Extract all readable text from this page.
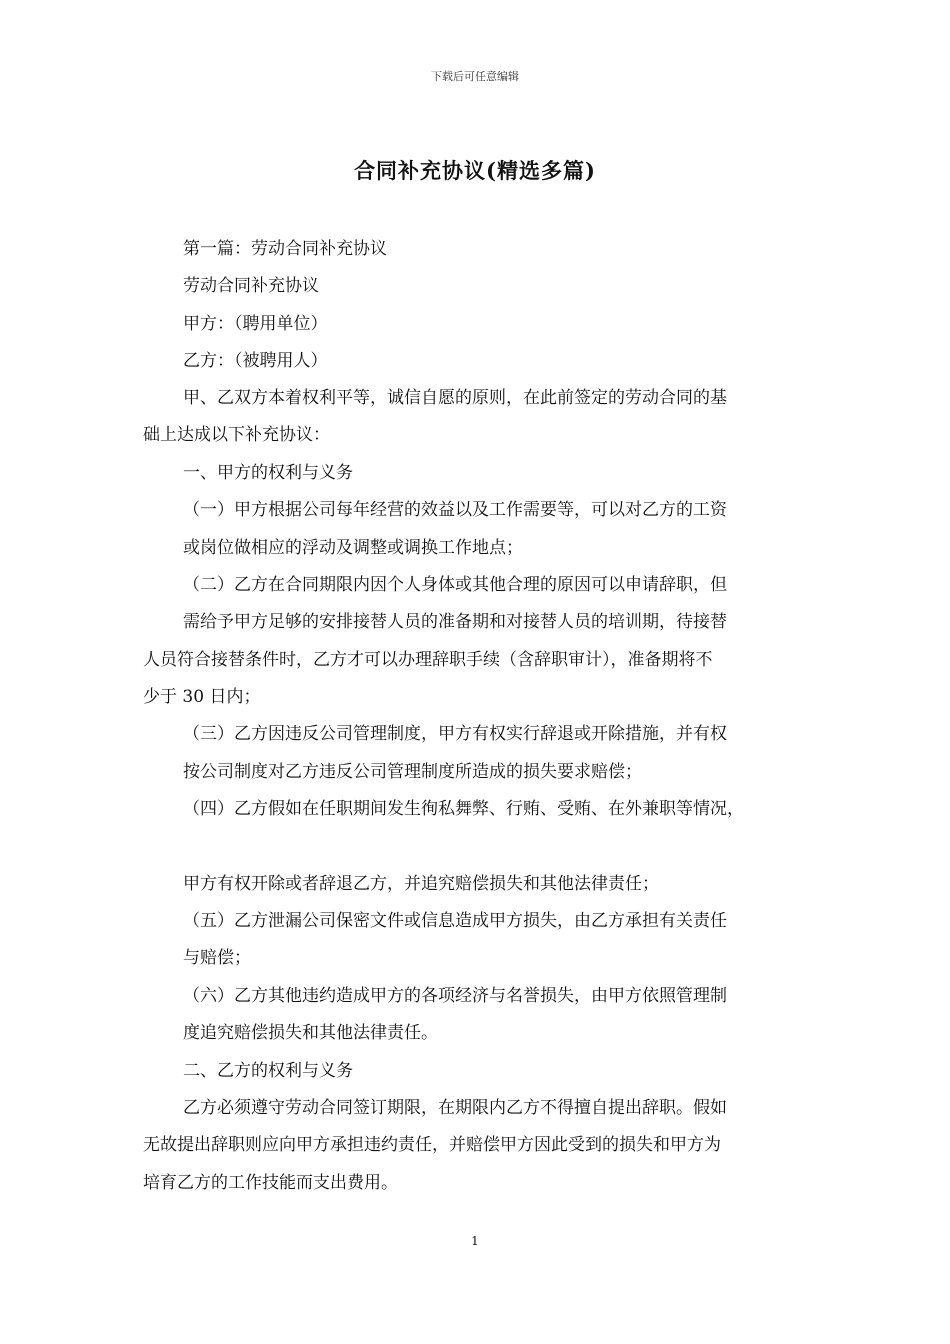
下载后可任意编辑
合同补充协议(精选多篇)
第一篇：劳动合同补充协议
劳动合同补充协议
甲方：（聘用单位）
乙方：（被聘用人）
甲、乙双方本着权利平等，诚信自愿的原则，在此前签定的劳动合同的基
础上达成以下补充协议：
一、甲方的权利与义务
（一）甲方根据公司每年经营的效益以及工作需要等，可以对乙方的工资
或岗位做相应的浮动及调整或调换工作地点；
（二）乙方在合同期限内因个人身体或其他合理的原因可以申请辞职，但
需给予甲方足够的安排接替人员的准备期和对接替人员的培训期，待接替
人员符合接替条件时，乙方才可以办理辞职手续（含辞职审计），准备期将不
少于 30 日内；
（三）乙方因违反公司管理制度，甲方有权实行辞退或开除措施，并有权
按公司制度对乙方违反公司管理制度所造成的损失要求赔偿；
（四）乙方假如在任职期间发生徇私舞弊、行贿、受贿、在外兼职等情况，
甲方有权开除或者辞退乙方，并追究赔偿损失和其他法律责任；
（五）乙方泄漏公司保密文件或信息造成甲方损失，由乙方承担有关责任
与赔偿；
（六）乙方其他违约造成甲方的各项经济与名誉损失，由甲方依照管理制
度追究赔偿损失和其他法律责任。
二、乙方的权利与义务
乙方必须遵守劳动合同签订期限，在期限内乙方不得擅自提出辞职。假如
无故提出辞职则应向甲方承担违约责任，并赔偿甲方因此受到的损失和甲方为
培育乙方的工作技能而支出费用。
1
